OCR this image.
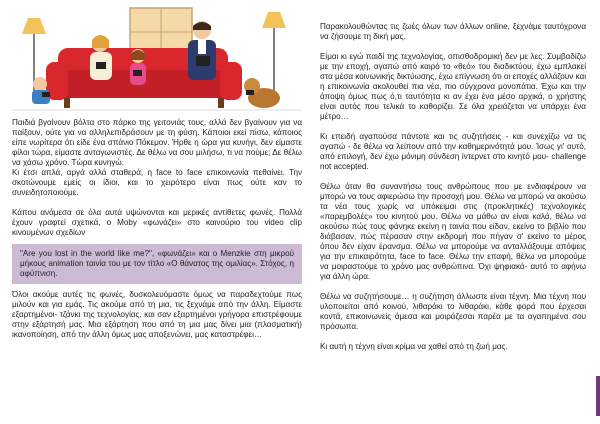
Παιδιά βγαίνουν βόλτα στο πάρκο της γειτονιάς τους, αλλά δεν βγαίνουν για να παίξουν, ούτε για να αλληλεπιδράσουν με τη φύση. Κάποιοι εκεί πίσω, κάποιος είπε νωρίτερα ότι είδε ένα σπάνιο Πόκεμον. Ήρθε η ώρα για κυνήγι, δεν είμαστε φίλοι τώρα, είμαστε ανταγωνιστές. Δε θέλω να σου μιλήσω, τι να πούμε; Δε θέλω να χάσω χρόνο. Τώρα κυνηγώ.

Κι έτσι απλά, αργά αλλά σταθερά, η face to face επικοινωνία πεθαίνει. Την σκοτώνουμε εμείς οι ίδιοι, και το χειρότερο είναι πως ούτε καν το συνειδητοποιούμε.

Κάπου ανάμεσα σε όλα αυτά υψώνονται και μερικές αντίθετες φωνές. Πολλά έχουν γραφτεί σχετικά, ο Moby «φωνάζει» στο καινούριο του video clip κινουμένων σχεδίων

"Are you lost in the world like me?", «φωνάζει» και ο Menzkie στη μικρού μήκους animation ταινία του με τον τίτλο «Ο θάνατος της ομιλίας». Στόχος, η αφύπνιση.

Όλοι ακούμε αυτές τις φωνές, δυσκολευόμαστε όμως να παραδεχτούμε πως μιλούν και για εμάς. Τις ακούμε από τη μια, τις ξεχνάμε από την άλλη. Είμαστε εξαρτημένοι- τζάνκι της τεχνολογίας, και σαν εξαρτημένοι γρήγορα επιστρέφουμε στην εξάρτησή μας. Μια εξάρτηση που από τη μια μας δίνει μια (πλασματική) ικανοποίηση, από την άλλη όμως μας αποξενώνει, μας καταστρέφει…

Παρακολουθώντας τις ζωές όλων των άλλων online, ξεχνάμε ταυτόχρονα να ζήσουμε τη δική μας.

Είμαι κι εγώ παιδί της τεχνολογίας, οπισθοδρομική δεν με λες. Συμβαδίζω με την εποχή, αγαπώ από καιρό το «θεό» του διαδικτύου, έχω εμπλακεί στα μέσα κοινωνικής δικτύωσης, έχω επίγνωση ότι οι εποχές αλλάζουν και η επικοινωνία ακολουθεί πια νέα, πιο σύγχρονα μονοπάτια. Έχω και την άποψη όμως πως ό,τι ταυτότητα κι αν έχει ένα μέσο αρχικά, ο χρήστης είναι αυτός που τελικά το καθορίζει. Σε όλα χρειάζεται να υπάρχει ένα μέτρο…

Κι επειδή αγαπούσα πάντοτε και τις συζητήσεις - και συνεχίζω να τις αγαπώ - δε θέλω να λείπουν από την καθημερινότητά μου. Ίσως γι' αυτό, από επιλογή, δεν έχω μόνιμη σύνδεση ίντερνετ στο κινητό μου- challenge not accepted.

Θέλω όταν θα συναντήσω τους ανθρώπους που με ενδιαφέρουν να μπορώ να τους αφιερώσω την προσοχή μου. Θέλω να μπορώ να ακούσω τα νέα τους χωρίς να υπόκειμαι στις (προκλητικές) τεχνολογικές «παρεμβολές» του κινητού μου. Θέλω να μάθω αν είναι καλά, θέλω να ακούσω πώς τους φάνηκε εκείνη η ταινία που είδαν, εκείνο το βιβλίο που διάβασαν, πώς πέρασαν στην εκδρομή που πήγαν σ' εκείνο το μέρος όπου δεν είχαν έρανσμα. Θέλω να μπορούμε να ανταλλάξουμε απόψεις για την επικαιρότητα, face to face. Θέλω την επαφή, θέλω να μπορούμε να μοιραστούμε το χρόνο μας ανθρώπινα. Όχι ψηφιακά- αυτό το αφήνω για άλλη ώρα.

Θέλω να συζητήσουμε… η συζήτηση άλλωστε είναι τέχνη. Μια τέχνη που υλοποιείται από κοινού, λιθαράκι το λιθαράκι, κάθε φορά που έρχεσαι κοντά, επικοινωνείς άμεσα και μοιράζεσαι παρέα με τα αγαπημένα σου πρόσωπα.

Κι αυτή η τέχνη είναι κρίμα να χαθεί από τη ζωή μας.
